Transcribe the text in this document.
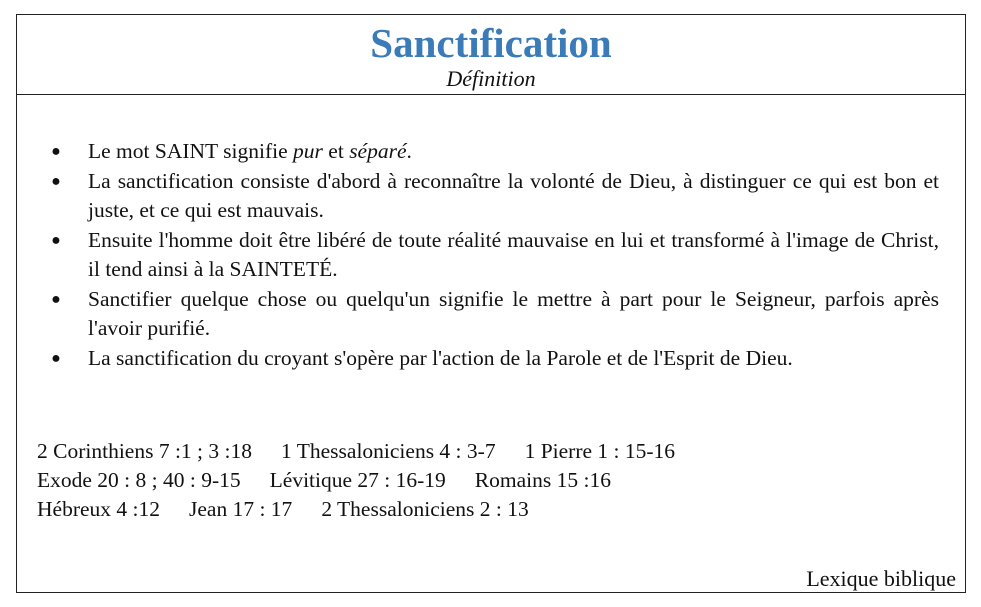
Sanctification
Définition
● Le mot SAINT signifie pur et séparé.
● La sanctification consiste d'abord à reconnaître la volonté de Dieu, à distinguer ce qui est bon et juste, et ce qui est mauvais.
● Ensuite l'homme doit être libéré de toute réalité mauvaise en lui et transformé à l'image de Christ, il tend ainsi à la SAINTETÉ.
● Sanctifier quelque chose ou quelqu'un signifie le mettre à part pour le Seigneur, parfois après l'avoir purifié.
● La sanctification du croyant s'opère par l'action de la Parole et de l'Esprit de Dieu.
2 Corinthiens 7 :1 ; 3 :18 1 Thessaloniciens 4 : 3-7 1 Pierre 1 : 15-16
Exode 20 : 8 ; 40 : 9-15 Lévitique 27 : 16-19 Romains 15 :16
Hébreux 4 :12 Jean 17 : 17 2 Thessaloniciens 2 : 13
Lexique biblique
